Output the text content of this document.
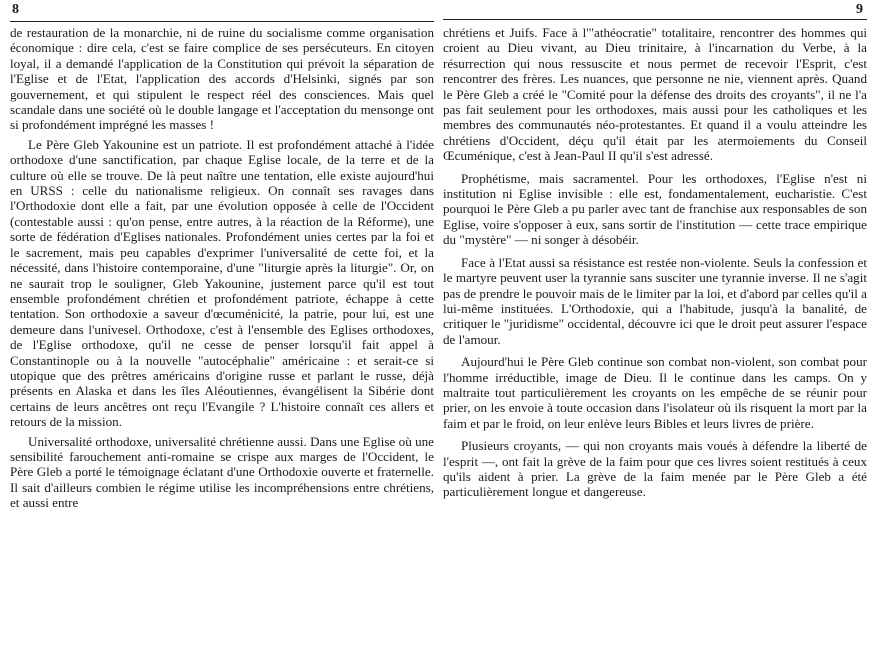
8

de restauration de la monarchie, ni de ruine du socialisme comme organisation économique : dire cela, c'est se faire complice de ses persécuteurs. En citoyen loyal, il a demandé l'application de la Constitution qui prévoit la séparation de l'Eglise et de l'Etat, l'application des accords d'Helsinki, signés par son gouvernement, et qui stipulent le respect réel des consciences. Mais quel scandale dans une société où le double langage et l'acceptation du mensonge ont si profondément imprégné les masses !

Le Père Gleb Yakounine est un patriote. Il est profondément attaché à l'idée orthodoxe d'une sanctification, par chaque Eglise locale, de la terre et de la culture où elle se trouve. De là peut naître une tentation, elle existe aujourd'hui en URSS : celle du nationalisme religieux. On connaît ses ravages dans l'Orthodoxie dont elle a fait, par une évolution opposée à celle de l'Occident (contestable aussi : qu'on pense, entre autres, à la réaction de la Réforme), une sorte de fédération d'Eglises nationales. Profondément unies certes par la foi et le sacrement, mais peu capables d'exprimer l'universalité de cette foi, et la nécessité, dans l'histoire contemporaine, d'une "liturgie après la liturgie". Or, on ne saurait trop le souligner, Gleb Yakounine, justement parce qu'il est tout ensemble profondément chrétien et profondément patriote, échappe à cette tentation. Son orthodoxie a saveur d'œcuménicité, la patrie, pour lui, est une demeure dans l'univesel. Orthodoxe, c'est à l'ensemble des Eglises orthodoxes, de l'Eglise orthodoxe, qu'il ne cesse de penser lorsqu'il fait appel à Constantinople ou à la nouvelle "autocéphalie" américaine : et serait-ce si utopique que des prêtres américains d'origine russe et parlant le russe, déjà présents en Alaska et dans les îles Aléoutiennes, évangélisent la Sibérie dont certains de leurs ancêtres ont reçu l'Evangile ? L'histoire connaît ces allers et retours de la mission.

Universalité orthodoxe, universalité chrétienne aussi. Dans une Eglise où une sensibilité farouchement anti-romaine se crispe aux marges de l'Occident, le Père Gleb a porté le témoignage éclatant d'une Orthodoxie ouverte et fraternelle. Il sait d'ailleurs combien le régime utilise les incompréhensions entre chrétiens, et aussi entre

9

chrétiens et Juifs. Face à l'"athéocratie" totalitaire, rencontrer des hommes qui croient au Dieu vivant, au Dieu trinitaire, à l'incarnation du Verbe, à la résurrection qui nous ressuscite et nous permet de recevoir l'Esprit, c'est rencontrer des frères. Les nuances, que personne ne nie, viennent après. Quand le Père Gleb a créé le "Comité pour la défense des droits des croyants", il ne l'a pas fait seulement pour les orthodoxes, mais aussi pour les catholiques et les membres des communautés néo-protestantes. Et quand il a voulu atteindre les chrétiens d'Occident, déçu qu'il était par les atermoiements du Conseil Œcuménique, c'est à Jean-Paul II qu'il s'est adressé.

Prophétisme, mais sacramentel. Pour les orthodoxes, l'Eglise n'est ni institution ni Eglise invisible : elle est, fondamentalement, eucharistie. C'est pourquoi le Père Gleb a pu parler avec tant de franchise aux responsables de son Eglise, voire s'opposer à eux, sans sortir de l'institution — cette trace empirique du "mystère" — ni songer à désobéir.

Face à l'Etat aussi sa résistance est restée non-violente. Seuls la confession et le martyre peuvent user la tyrannie sans susciter une tyrannie inverse. Il ne s'agit pas de prendre le pouvoir mais de le limiter par la loi, et d'abord par celles qu'il a lui-même instituées. L'Orthodoxie, qui a l'habitude, jusqu'à la banalité, de critiquer le "juridisme" occidental, découvre ici que le droit peut assurer l'espace de l'amour.

Aujourd'hui le Père Gleb continue son combat non-violent, son combat pour l'homme irréductible, image de Dieu. Il le continue dans les camps. On y maltraite tout particulièrement les croyants on les empêche de se réunir pour prier, on les envoie à toute occasion dans l'isolateur où ils risquent la mort par la faim et par le froid, on leur enlève leurs Bibles et leurs livres de prière.

Plusieurs croyants, — qui non croyants mais voués à défendre la liberté de l'esprit —, ont fait la grève de la faim pour que ces livres soient restitués à ceux qu'ils aident à prier. La grève de la faim menée par le Père Gleb a été particulièrement longue et dangereuse.
